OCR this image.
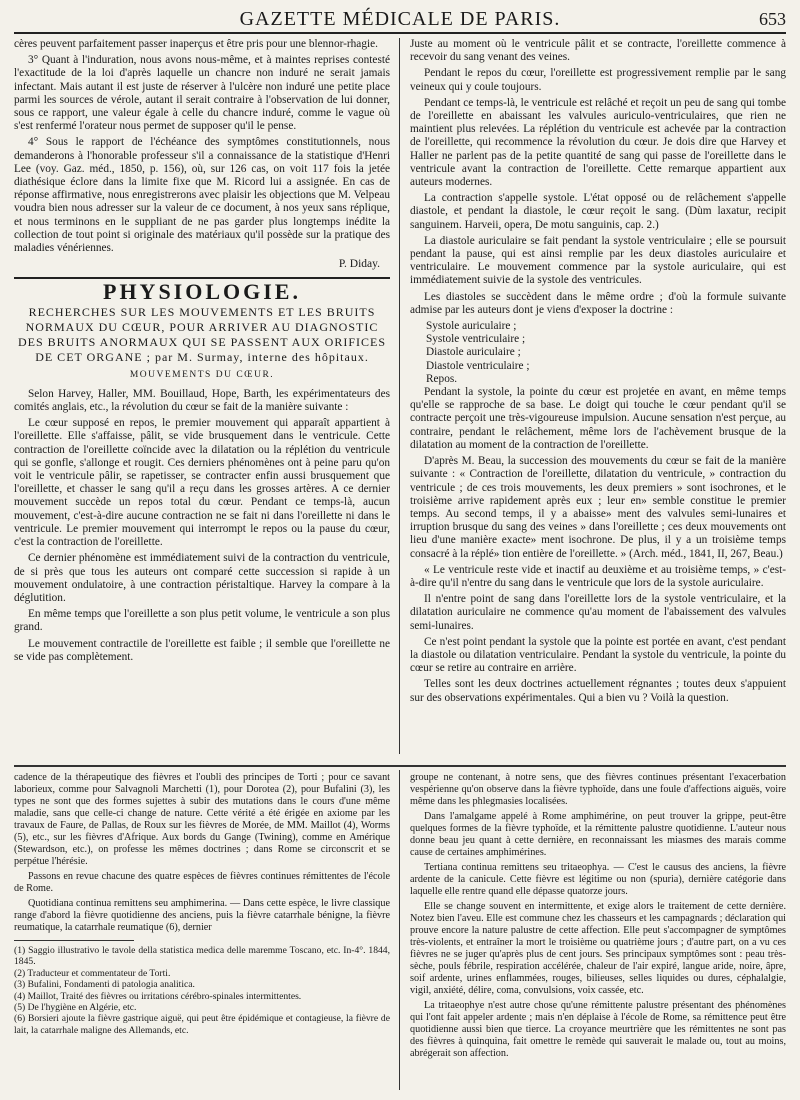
GAZETTE MÉDICALE DE PARIS.	653

cères peuvent parfaitement passer inaperçus et être pris pour une blennor-rhagie.

3° Quant à l'induration, nous avons nous-même, et à maintes reprises contesté l'exactitude de la loi d'après laquelle un chancre non induré ne serait jamais infectant. Mais autant il est juste de réserver à l'ulcère non induré une petite place parmi les sources de vérole, autant il serait contraire à l'observation de lui donner, sous ce rapport, une valeur égale à celle du chancre induré, comme le vague où s'est renfermé l'orateur nous permet de supposer qu'il le pense.

4° Sous le rapport de l'échéance des symptômes constitutionnels, nous demanderons à l'honorable professeur s'il a connaissance de la statistique d'Henri Lee (voy. Gaz. méd., 1850, p. 156), où, sur 126 cas, on voit 117 fois la jetée diathésique éclore dans la limite fixe que M. Ricord lui a assignée. En cas de réponse affirmative, nous enregistrerons avec plaisir les objections que M. Velpeau voudra bien nous adresser sur la valeur de ce document, à nos yeux sans réplique, et nous terminons en le suppliant de ne pas garder plus longtemps inédite la collection de tout point si originale des matériaux qu'il possède sur la pratique des maladies vénériennes.

P. Diday.
PHYSIOLOGIE.
RECHERCHES SUR LES MOUVEMENTS ET LES BRUITS NORMAUX DU CŒUR, POUR ARRIVER AU DIAGNOSTIC DES BRUITS ANORMAUX QUI SE PASSENT AUX ORIFICES DE CET ORGANE ; par M. Surmay, interne des hôpitaux.
MOUVEMENTS DU CŒUR.

Selon Harvey, Haller, MM. Bouillaud, Hope, Barth, les expérimentateurs des comités anglais, etc., la révolution du cœur se fait de la manière suivante :

Le cœur supposé en repos, le premier mouvement qui apparaît appartient à l'oreillette. Elle s'affaisse, pâlit, se vide brusquement dans le ventricule. Cette contraction de l'oreillette coïncide avec la dilatation ou la réplétion du ventricule qui se gonfle, s'allonge et rougit. Ces derniers phénomènes ont à peine paru qu'on voit le ventricule pâlir, se rapetisser, se contracter enfin aussi brusquement que l'oreillette, et chasser le sang qu'il a reçu dans les grosses artères. A ce dernier mouvement succède un repos total du cœur. Pendant ce temps-là, aucun mouvement, c'est-à-dire aucune contraction ne se fait ni dans l'oreillette ni dans le ventricule. Le premier mouvement qui interrompt le repos ou la pause du cœur, c'est la contraction de l'oreillette.

Ce dernier phénomène est immédiatement suivi de la contraction du ventricule, de si près que tous les auteurs ont comparé cette succession si rapide à un mouvement ondulatoire, à une contraction péristaltique. Harvey la compare à la déglutition.

En même temps que l'oreillette a son plus petit volume, le ventricule a son plus grand.

Le mouvement contractile de l'oreillette est faible ; il semble que l'oreillette ne se vide pas complètement.

Juste au moment où le ventricule pâlit et se contracte, l'oreillette commence à recevoir du sang venant des veines.

Pendant le repos du cœur, l'oreillette est progressivement remplie par le sang veineux qui y coule toujours.

Pendant ce temps-là, le ventricule est relâché et reçoit un peu de sang qui tombe de l'oreillette en abaissant les valvules auriculo-ventriculaires, que rien ne maintient plus relevées. La réplétion du ventricule est achevée par la contraction de l'oreillette, qui recommence la révolution du cœur. Je dois dire que Harvey et Haller ne parlent pas de la petite quantité de sang qui passe de l'oreillette dans le ventricule avant la contraction de l'oreillette. Cette remarque appartient aux auteurs modernes.

La contraction s'appelle systole. L'état opposé ou de relâchement s'appelle diastole, et pendant la diastole, le cœur reçoit le sang. (Dùm laxatur, recipit sanguinem. Harveii, opera, De motu sanguinis, cap. 2.)

La diastole auriculaire se fait pendant la systole ventriculaire ; elle se poursuit pendant la pause, qui est ainsi remplie par les deux diastoles auriculaire et ventriculaire. Le mouvement commence par la systole auriculaire, qui est immédiatement suivie de la systole des ventricules.

Les diastoles se succèdent dans le même ordre ; d'où la formule suivante admise par les auteurs dont je viens d'exposer la doctrine :

Systole auriculaire ;

Systole ventriculaire ;

Diastole auriculaire ;

Diastole ventriculaire ;

Repos.

Pendant la systole, la pointe du cœur est projetée en avant, en même temps qu'elle se rapproche de sa base. Le doigt qui touche le cœur pendant qu'il se contracte perçoit une très-vigoureuse impulsion. Aucune sensation n'est perçue, au contraire, pendant le relâchement, même lors de l'achèvement brusque de la dilatation au moment de la contraction de l'oreillette.

D'après M. Beau, la succession des mouvements du cœur se fait de la manière suivante : « Contraction de l'oreillette, dilatation du ventricule, » contraction du ventricule ; de ces trois mouvements, les deux premiers » sont isochrones, et le troisième arrive rapidement après eux ; leur en» semble constitue le premier temps. Au second temps, il y a abaisse» ment des valvules semi-lunaires et irruption brusque du sang des veines » dans l'oreillette ; ces deux mouvements ont lieu d'une manière exacte» ment isochrone. De plus, il y a un troisième temps consacré à la réplé» tion entière de l'oreillette. » (Arch. méd., 1841, II, 267, Beau.)

« Le ventricule reste vide et inactif au deuxième et au troisième temps, » c'est-à-dire qu'il n'entre du sang dans le ventricule que lors de la systole auriculaire.

Il n'entre point de sang dans l'oreillette lors de la systole ventriculaire, et la dilatation auriculaire ne commence qu'au moment de l'abaissement des valvules semi-lunaires.

Ce n'est point pendant la systole que la pointe est portée en avant, c'est pendant la diastole ou dilatation ventriculaire. Pendant la systole du ventricule, la pointe du cœur se retire au contraire en arrière.

Telles sont les deux doctrines actuellement régnantes ; toutes deux s'appuient sur des observations expérimentales. Qui a bien vu ? Voilà la question.

cadence de la thérapeutique des fièvres et l'oubli des principes de Torti ; pour ce savant laborieux, comme pour Salvagnoli Marchetti (1), pour Dorotea (2), pour Bufalini (3), les types ne sont que des formes sujettes à subir des mutations dans le cours d'une même maladie, sans que celle-ci change de nature. Cette vérité a été érigée en axiome par les travaux de Faure, de Pallas, de Roux sur les fièvres de Morée, de MM. Maillot (4), Worms (5), etc., sur les fièvres d'Afrique. Aux bords du Gange (Twining), comme en Amérique (Stewardson, etc.), on professe les mêmes doctrines ; dans Rome se circonscrit et se perpétue l'hérésie.

Passons en revue chacune des quatre espèces de fièvres continues rémittentes de l'école de Rome.

Quotidiana continua remittens seu amphimerina. — Dans cette espèce, le livre classique range d'abord la fièvre quotidienne des anciens, puis la fièvre catarrhale bénigne, la fièvre reumatique, la catarrhale reumatique (6), dernier

(1) Saggio illustrativo le tavole della statistica medica delle maremme Toscano, etc. In-4°. 1844, 1845.

(2) Traducteur et commentateur de Torti.

(3) Bufalini, Fondamenti di patologia analitica.

(4) Maillot, Traité des fièvres ou irritations cérébro-spinales intermittentes.

(5) De l'hygiène en Algérie, etc.

(6) Borsieri ajoute la fièvre gastrique aiguë, qui peut être épidémique et contagieuse, la fièvre de lait, la catarrhale maligne des Allemands, etc.

groupe ne contenant, à notre sens, que des fièvres continues présentant l'exacerbation vespérienne qu'on observe dans la fièvre typhoïde, dans une foule d'affections aiguës, voire même dans les phlegmasies localisées.

Dans l'amalgame appelé à Rome amphimérine, on peut trouver la grippe, peut-être quelques formes de la fièvre typhoïde, et la rémittente palustre quotidienne. L'auteur nous donne beau jeu quant à cette dernière, en reconnaissant les miasmes des marais comme cause de certaines amphimérines.

Tertiana continua remittens seu tritaeophya. — C'est le causus des anciens, la fièvre ardente de la canicule. Cette fièvre est légitime ou non (spuria), dernière catégorie dans laquelle elle rentre quand elle dépasse quatorze jours.

Elle se change souvent en intermittente, et exige alors le traitement de cette dernière. Notez bien l'aveu. Elle est commune chez les chasseurs et les campagnards ; déclaration qui prouve encore la nature palustre de cette affection. Elle peut s'accompagner de symptômes très-violents, et entraîner la mort le troisième ou quatrième jours ; d'autre part, on a vu ces fièvres ne se juger qu'après plus de cent jours. Ses principaux symptômes sont : peau très-sèche, pouls fébrile, respiration accélérée, chaleur de l'air expiré, langue aride, noire, âpre, soif ardente, urines enflammées, rouges, bilieuses, selles liquides ou dures, céphalalgie, vigil, anxiété, délire, coma, convulsions, voix cassée, etc.

La tritaeophye n'est autre chose qu'une rémittente palustre présentant des phénomènes qui l'ont fait appeler ardente ; mais n'en déplaise à l'école de Rome, sa rémittence peut être quotidienne aussi bien que tierce. La croyance meurtrière que les rémittentes ne sont pas des fièvres à quinquina, fait omettre le remède qui sauverait le malade ou, tout au moins, abrégerait son affection.
